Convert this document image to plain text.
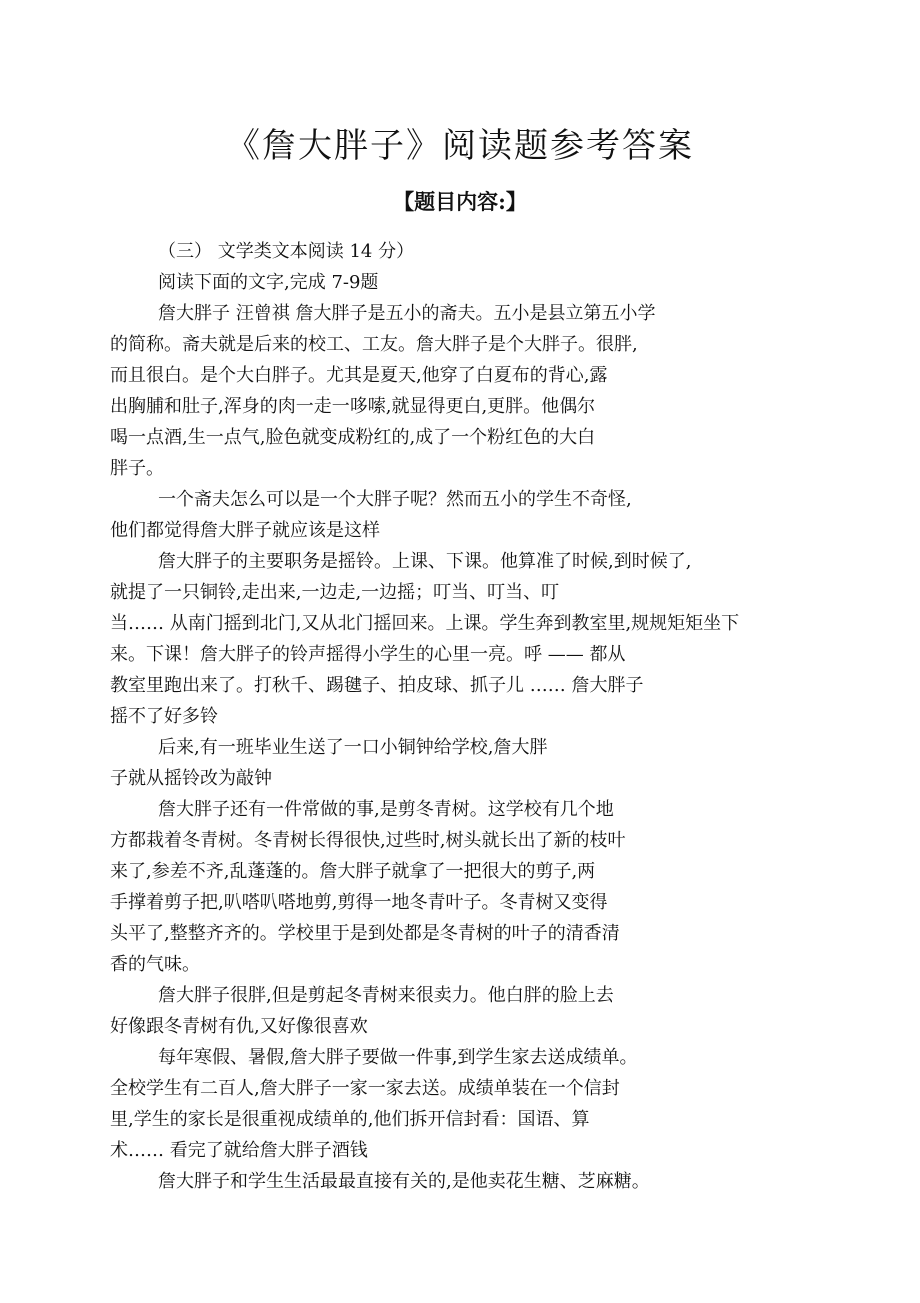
《詹大胖子》阅读题参考答案
【题目内容:】
（三） 文学类文本阅读 14 分）
阅读下面的文字,完成 7-9题
詹大胖子 汪曾祺 詹大胖子是五小的斋夫。五小是县立第五小学
的简称。斋夫就是后来的校工、工友。詹大胖子是个大胖子。很胖,
而且很白。是个大白胖子。尤其是夏天,他穿了白夏布的背心,露
出胸脯和肚子,浑身的肉一走一哆嗦,就显得更白,更胖。他偶尔
喝一点酒,生一点气,脸色就变成粉红的,成了一个粉红色的大白
胖子。
一个斋夫怎么可以是一个大胖子呢？然而五小的学生不奇怪,
他们都觉得詹大胖子就应该是这样
詹大胖子的主要职务是摇铃。上课、下课。他算准了时候,到时候了,
就提了一只铜铃,走出来,一边走,一边摇；叮当、叮当、叮
当…… 从南门摇到北门,又从北门摇回来。上课。学生奔到教室里,规规矩矩坐下
来。下课！詹大胖子的铃声摇得小学生的心里一亮。呼 —— 都从
教室里跑出来了。打秋千、踢毽子、拍皮球、抓子儿 …… 詹大胖子
摇不了好多铃
后来,有一班毕业生送了一口小铜钟给学校,詹大胖
子就从摇铃改为敲钟
詹大胖子还有一件常做的事,是剪冬青树。这学校有几个地
方都栽着冬青树。冬青树长得很快,过些时,树头就长出了新的枝叶
来了,参差不齐,乱蓬蓬的。詹大胖子就拿了一把很大的剪子,两
手撑着剪子把,叭嗒叭嗒地剪,剪得一地冬青叶子。冬青树又变得
头平了,整整齐齐的。学校里于是到处都是冬青树的叶子的清香清
香的气味。
詹大胖子很胖,但是剪起冬青树来很卖力。他白胖的脸上去
好像跟冬青树有仇,又好像很喜欢
每年寒假、暑假,詹大胖子要做一件事,到学生家去送成绩单。
全校学生有二百人,詹大胖子一家一家去送。成绩单装在一个信封
里,学生的家长是很重视成绩单的,他们拆开信封看：国语、算
术…… 看完了就给詹大胖子酒钱
詹大胖子和学生生活最最直接有关的,是他卖花生糖、芝麻糖。
